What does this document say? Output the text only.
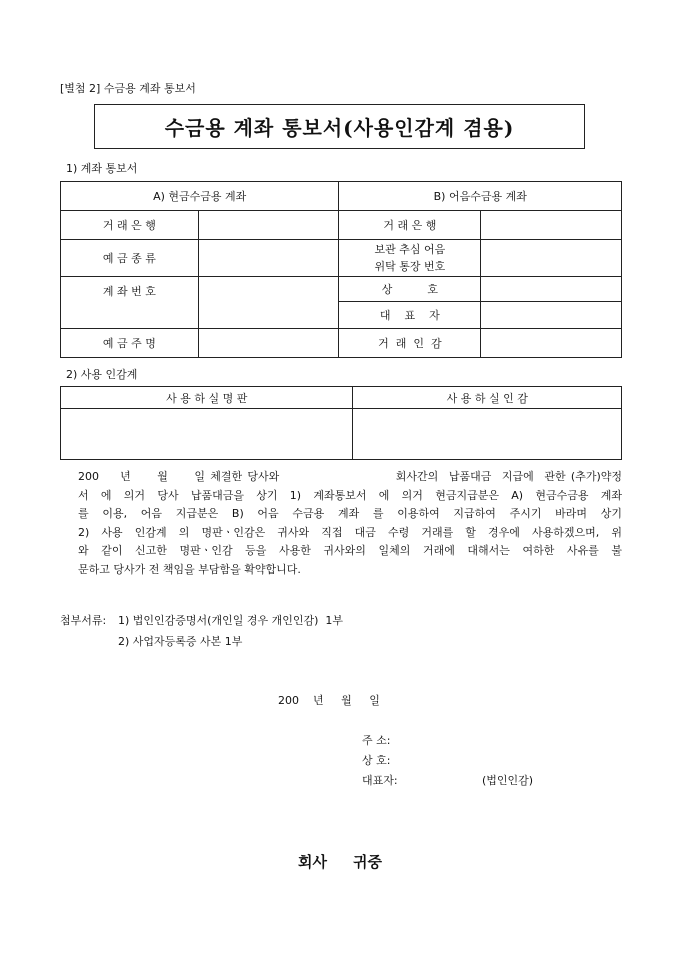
[별첨 2] 수금용 계좌 통보서
수금용 계좌 통보서(사용인감계 겸용)
1) 계좌 통보서
A) 현금수금용 계좌		B) 어음수금용 계좌	
거 래 은 행		거 래 은 행	
예 금 종 류		보관 추심 어음
위탁 통장 번호	

계 좌 번 호		상          호	
		대    표    자	
예 금 주 명		거  래  인  감	
2) 사용 인감계
사 용 하 실 명 판	사 용 하 실 인 감

200    년     월     일 체결한 당사와                      회사간의  납품대금  지급에  관한 (추가)약정
서 에 의거 당사 납품대금을 상기 1) 계좌통보서 에 의거 현금지급분은 A) 현금수금용 계좌
를 이용, 어음 지급분은 B) 어음 수금용 계좌 를 이용하여 지급하여 주시기 바라며 상기
2) 사용 인감계 의 명판ㆍ인감은 귀사와 직접 대금 수령 거래를 할 경우에 사용하겠으며, 위
와 같이 신고한 명판ㆍ인감 등을 사용한 귀사와의 일체의 거래에 대해서는 여하한 사유를 불
문하고 당사가 전 책임을 부담함을 확약합니다.
첨부서류: 1) 법인인감증명서(개인일 경우 개인인감)  1부
2) 사업자등록증 사본 1부
200    년     월     일
주 소:
상 호:
대표자:	(법인인감)
회사     귀중
